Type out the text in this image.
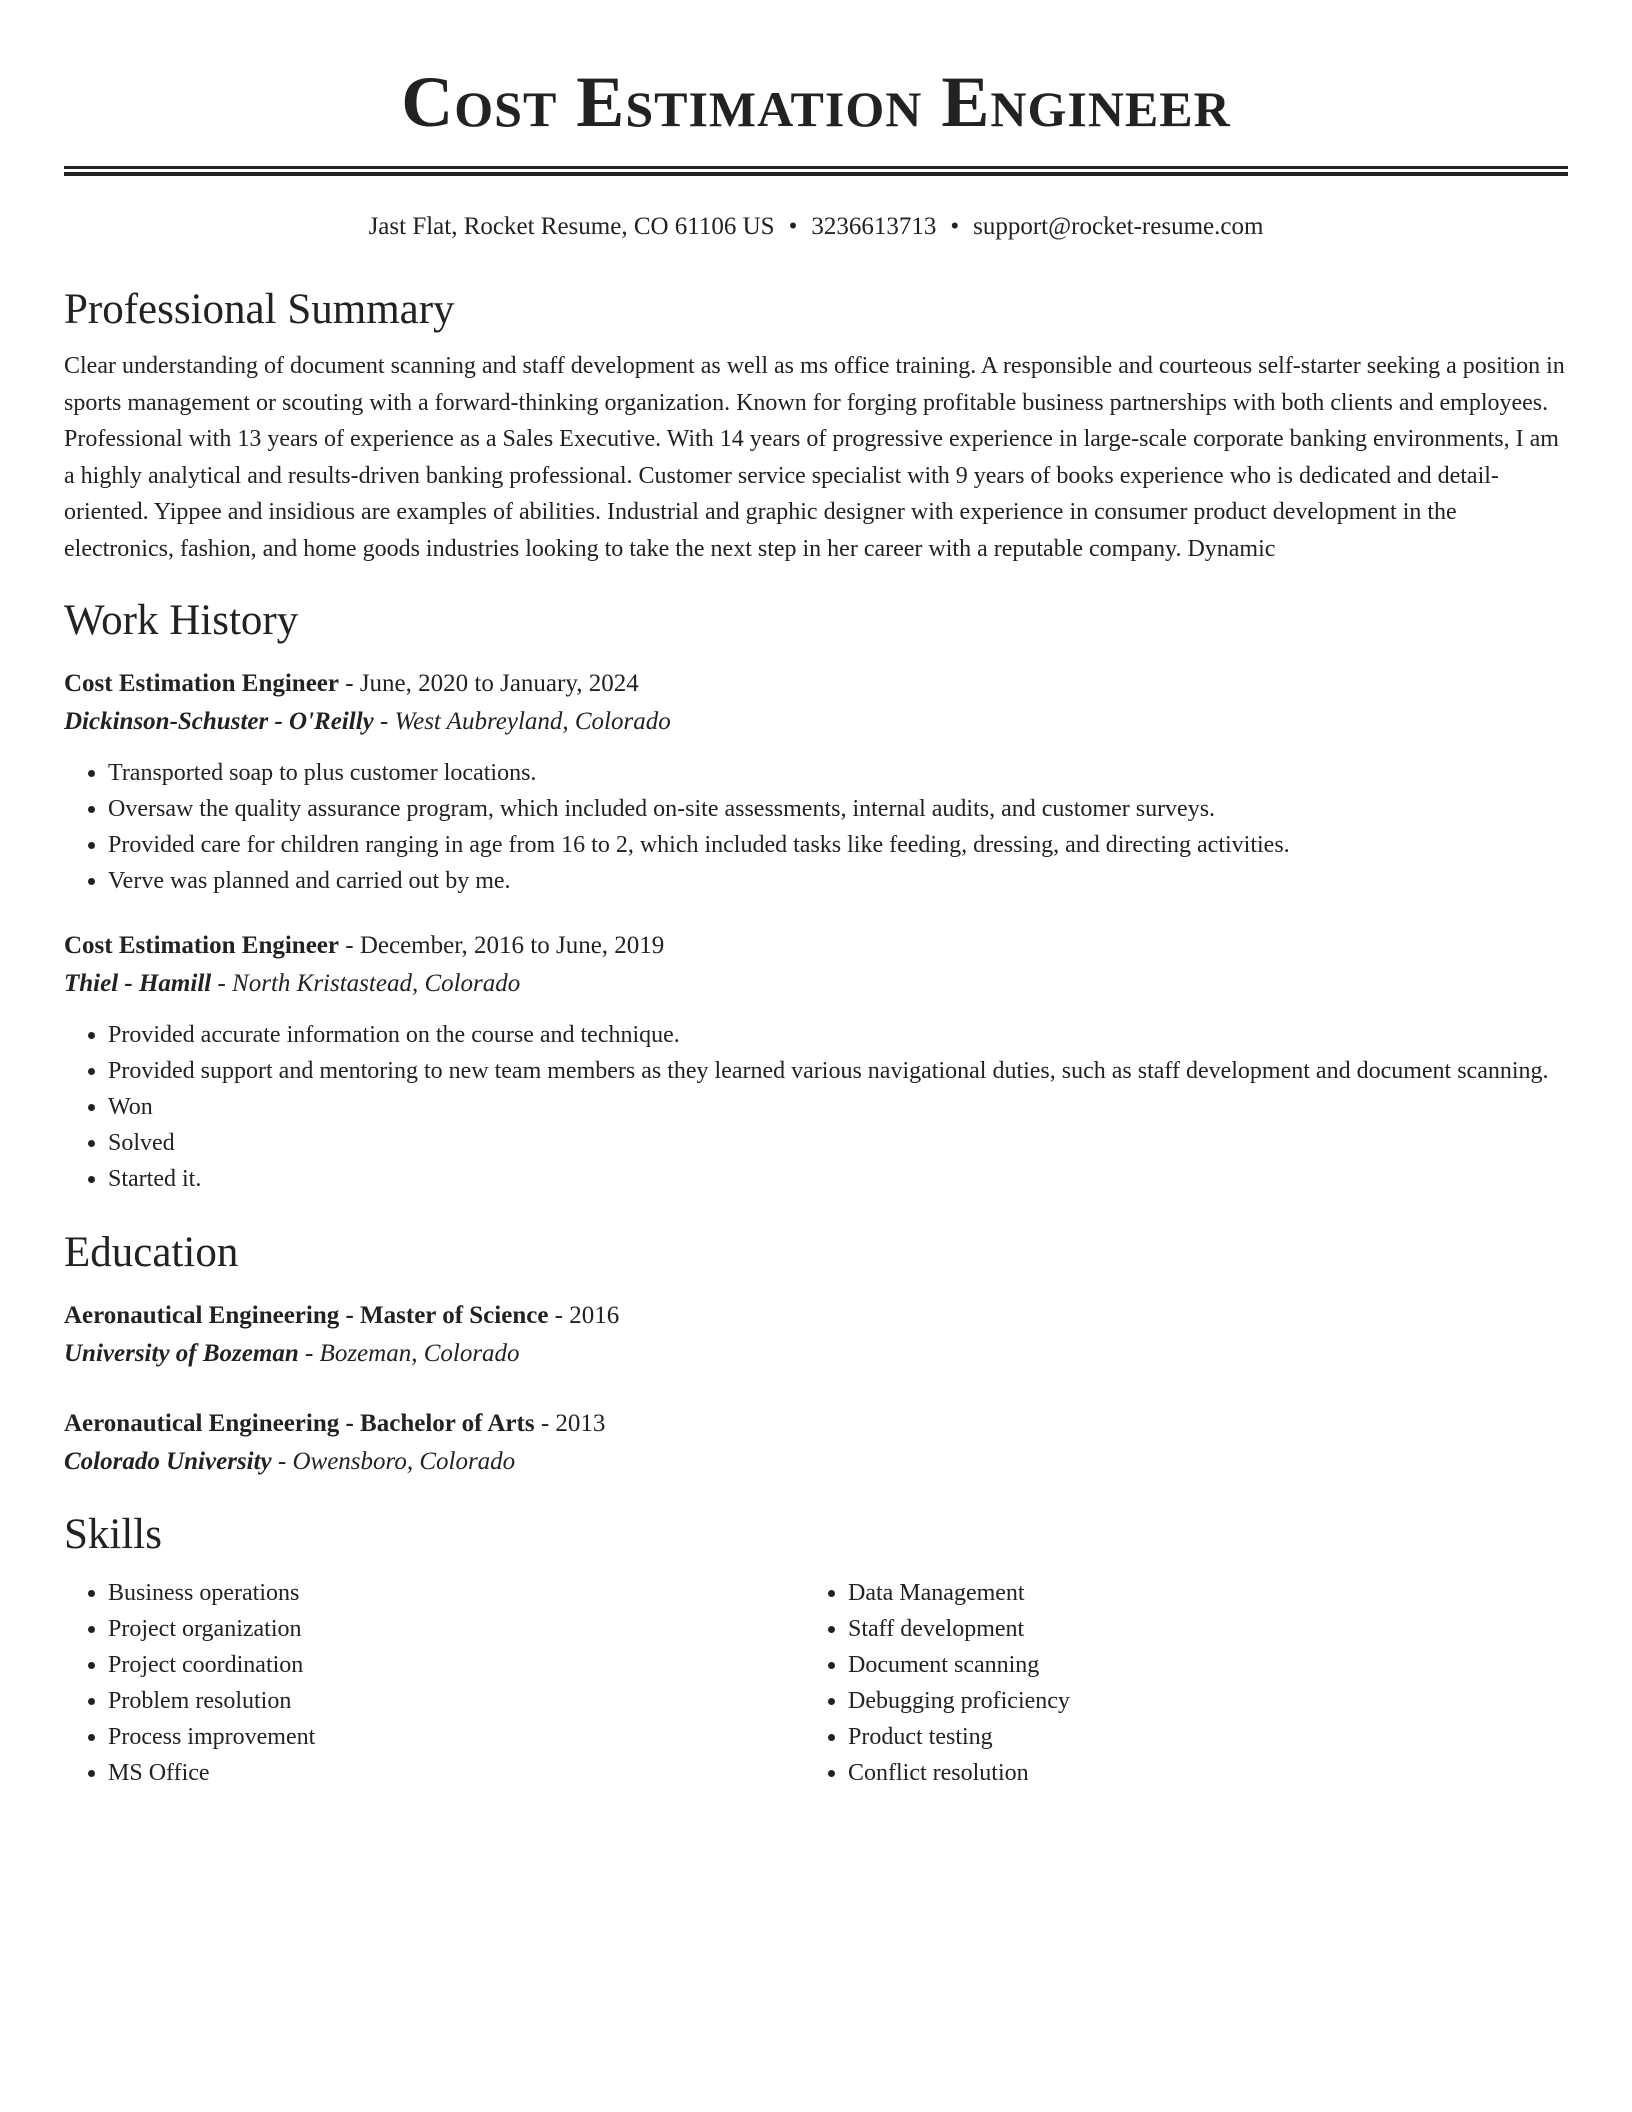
Cost Estimation Engineer
Jast Flat, Rocket Resume, CO 61106 US • 3236613713 • support@rocket-resume.com
Professional Summary

Clear understanding of document scanning and staff development as well as ms office training. A responsible and courteous self-starter seeking a position in sports management or scouting with a forward-thinking organization. Known for forging profitable business partnerships with both clients and employees. Professional with 13 years of experience as a Sales Executive. With 14 years of progressive experience in large-scale corporate banking environments, I am a highly analytical and results-driven banking professional. Customer service specialist with 9 years of books experience who is dedicated and detail-oriented. Yippee and insidious are examples of abilities. Industrial and graphic designer with experience in consumer product development in the electronics, fashion, and home goods industries looking to take the next step in her career with a reputable company. Dynamic

Work History
Cost Estimation Engineer - June, 2020 to January, 2024
Dickinson-Schuster - O'Reilly - West Aubreyland, Colorado
• Transported soap to plus customer locations.
• Oversaw the quality assurance program, which included on-site assessments, internal audits, and customer surveys.
• Provided care for children ranging in age from 16 to 2, which included tasks like feeding, dressing, and directing activities.
• Verve was planned and carried out by me.
Cost Estimation Engineer - December, 2016 to June, 2019
Thiel - Hamill - North Kristastead, Colorado
• Provided accurate information on the course and technique.
• Provided support and mentoring to new team members as they learned various navigational duties, such as staff development and document scanning.
• Won
• Solved
• Started it.
Education
Aeronautical Engineering - Master of Science - 2016
University of Bozeman - Bozeman, Colorado
Aeronautical Engineering - Bachelor of Arts - 2013
Colorado University - Owensboro, Colorado
Skills
• Business operations
• Project organization
• Project coordination
• Problem resolution
• Process improvement
• MS Office
• Data Management
• Staff development
• Document scanning
• Debugging proficiency
• Product testing
• Conflict resolution
